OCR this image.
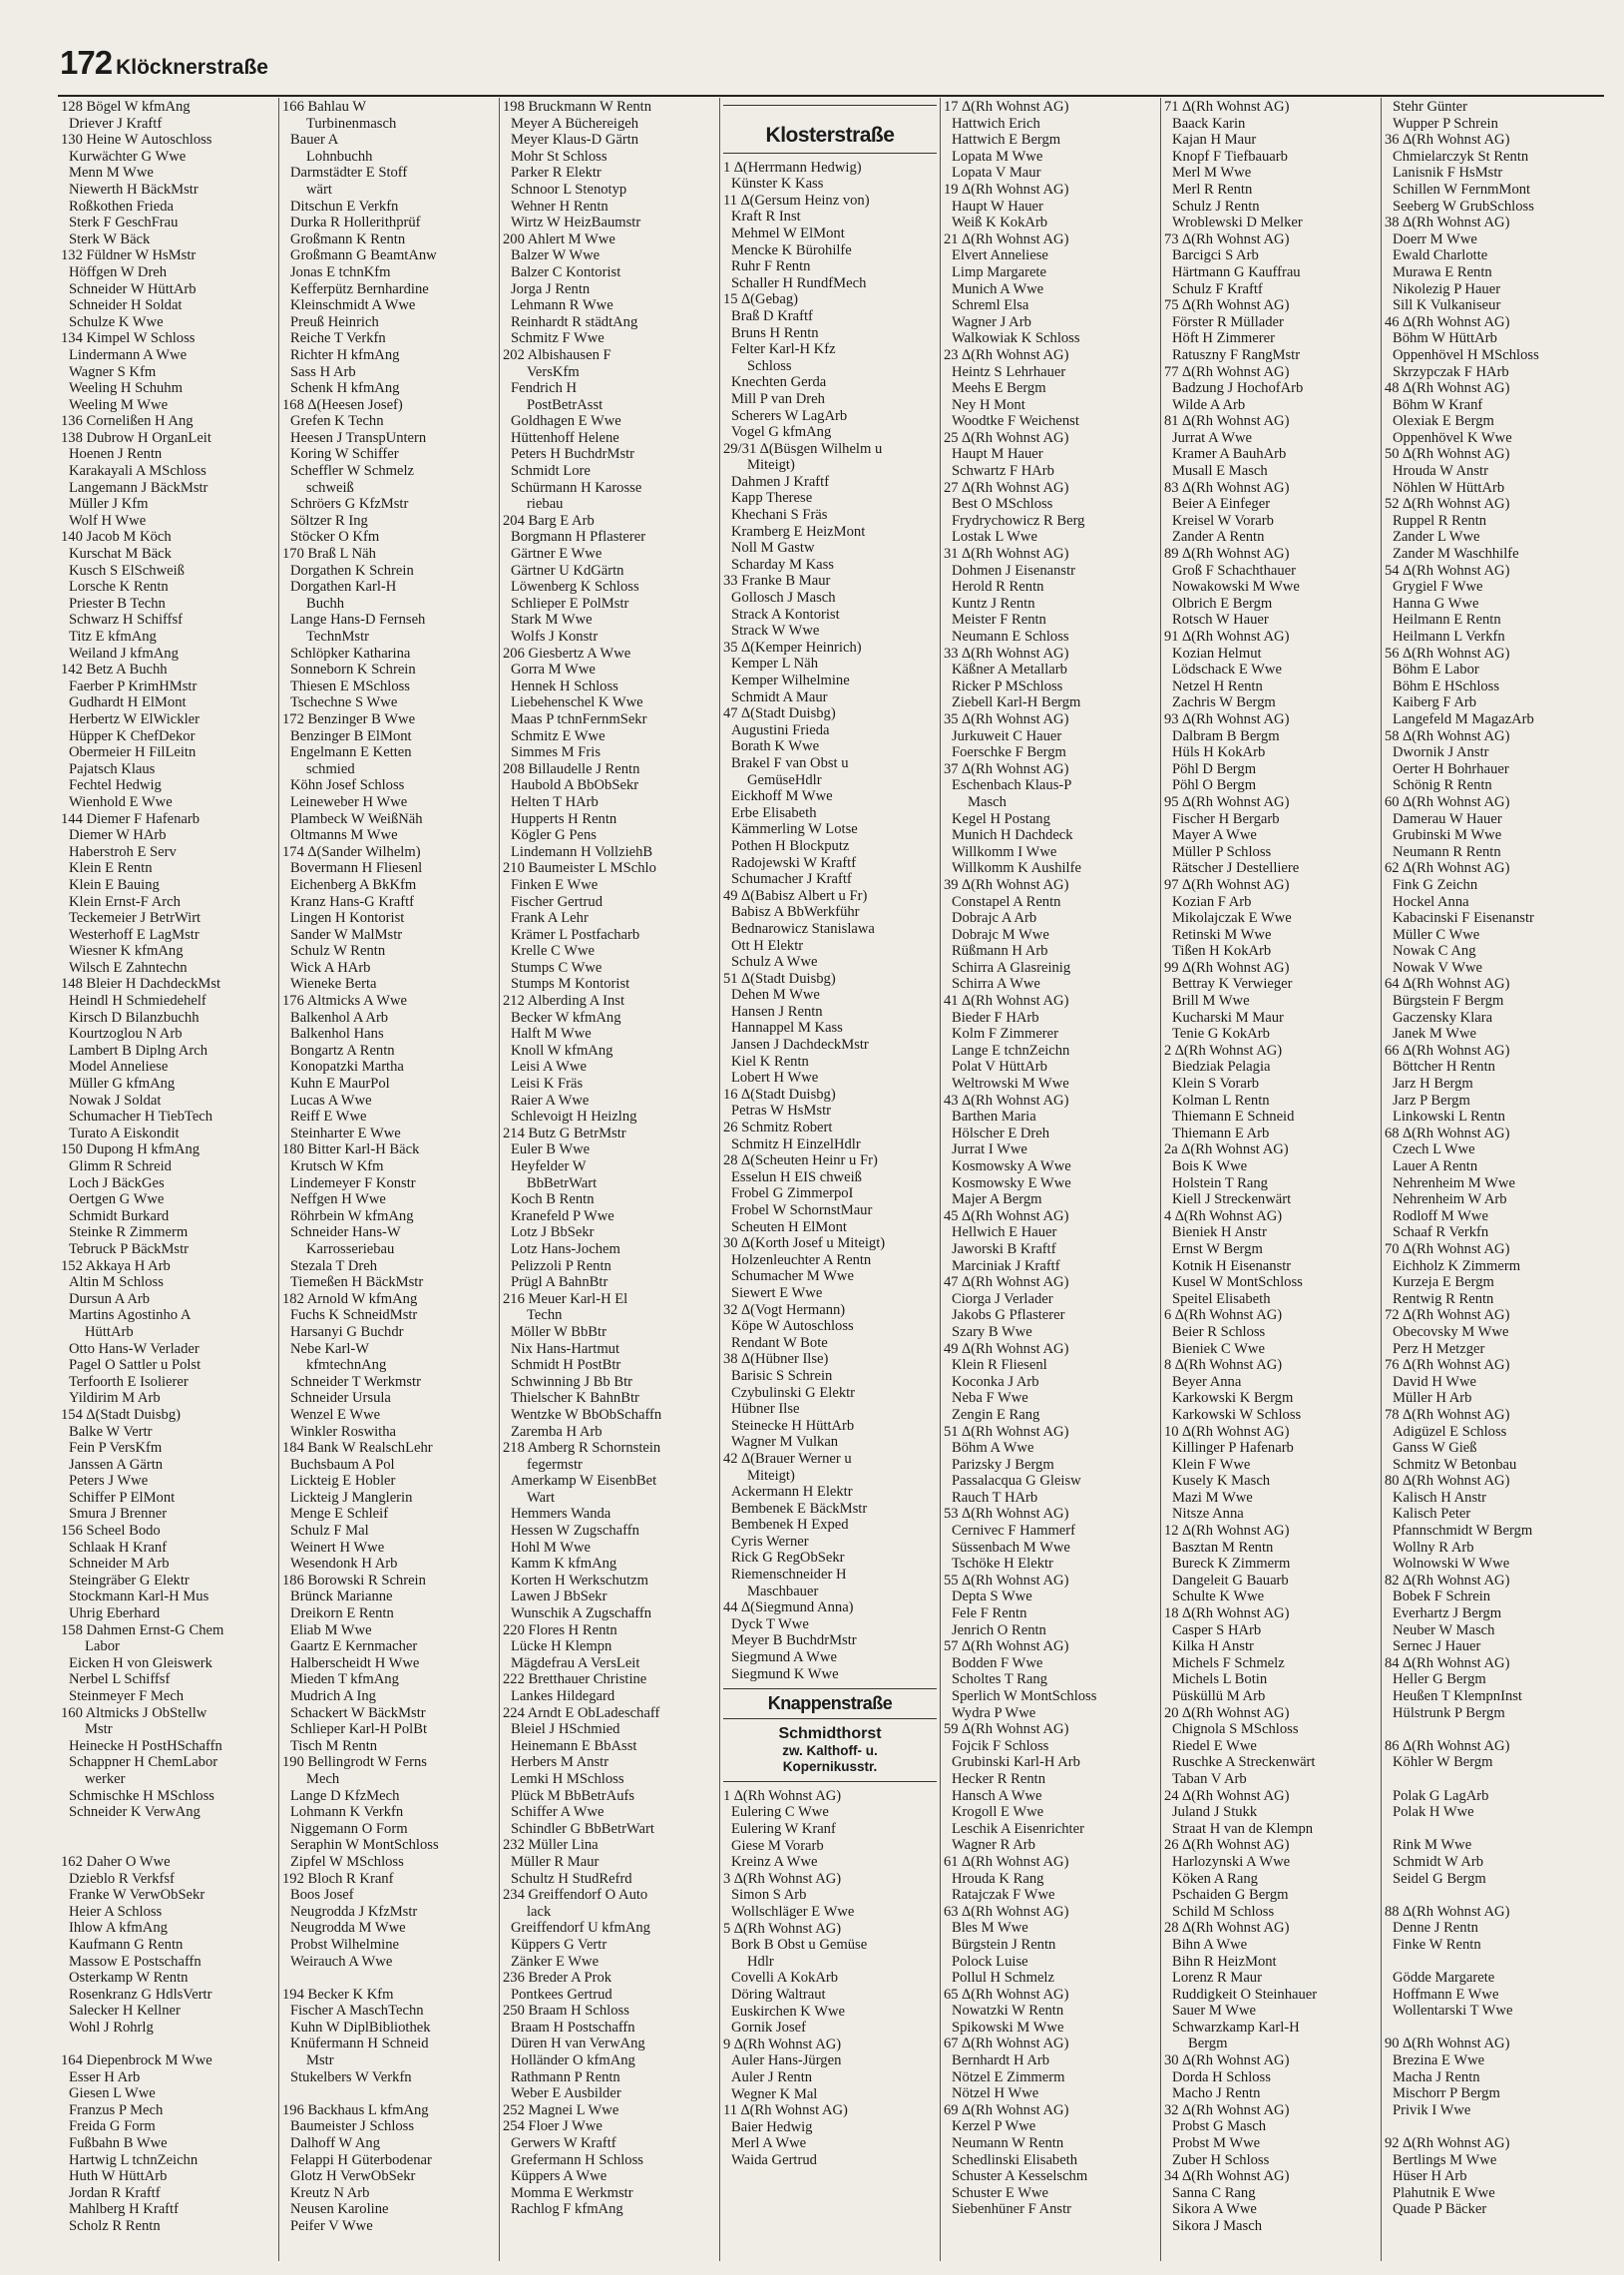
172 Klöcknerstraße
128 Bögel W kfmAng
Driever J Kraftf
130 Heine W Autoschloss
Kurwächter G Wwe
Menn M Wwe
Niewerth H BäckMstr
Roßkothen Frieda
Sterk F GeschFrau
Sterk W Bäck
132 Füldner W HsMstr
Höffgen W Dreh
Schneider W HüttArb
Schneider H Soldat
Schulze K Wwe
134 Kimpel W Schloss
Lindermann A Wwe
Wagner S Kfm
Weeling H Schuhm
Weeling M Wwe
136 Cornelißen H Ang
138 Dubrow H OrganLeit
Hoenen J Rentn
Karakayali A MSchloss
Langemann J BäckMstr
Müller J Kfm
Wolf H Wwe
140 Jacob M Köch
Kurschat M Bäck
Kusch S ElSchweiß
Lorsche K Rentn
Priester B Techn
Schwarz H Schiffsf
Titz E kfmAng
Weiland J kfmAng
142 Betz A Buchh
Faerber P KrimHMstr
Gudhardt H ElMont
Herbertz W ElWickler
Hüpper K ChefDekor
Obermeier H FilLeitn
Pajatsch Klaus
Fechtel Hedwig
Wienhold E Wwe
144 Diemer F Hafenarb
Diemer W HArb
Haberstroh E Serv
Klein E Rentn
Klein E Bauing
Klein Ernst-F Arch
Teckemeier J BetrWirt
Westerhoff E LagMstr
Wiesner K kfmAng
Wilsch E Zahntechn
148 Bleier H DachdeckMst
Heindl H Schmiedehelf
Kirsch D Bilanzbuchh
Kourtzoglou N Arb
Lambert B Diplng Arch
Model Anneliese
Müller G kfmAng
Nowak J Soldat
Schumacher H TiebTech
Turato A Eiskondit
150 Dupong H kfmAng
Glimm R Schreid
Loch J BäckGes
Oertgen G Wwe
Schmidt Burkard
Steinke R Zimmerm
Tebruck P BäckMstr
152 Akkaya H Arb
Altin M Schloss
Dursun A Arb
Martins Agostinho A
HüttArb
Otto Hans-W Verlader
Pagel O Sattler u Polst
Terfoorth E Isolierer
Yildirim M Arb
154 ∆(Stadt Duisbg)
Balke W Vertr
Fein P VersKfm
Janssen A Gärtn
Peters J Wwe
Schiffer P ElMont
Smura J Brenner
156 Scheel Bodo
Schlaak H Kranf
Schneider M Arb
Steingräber G Elektr
Stockmann Karl-H Mus
Uhrig Eberhard
158 Dahmen Ernst-G Chem
Labor
Eicken H von Gleiswerk
Nerbel L Schiffsf
Steinmeyer F Mech
160 Altmicks J ObStellw
Mstr
Heinecke H PostHSchaffn
Schappner H ChemLabor
werker
Schmischke H MSchloss
Schneider K VerwAng
162 Daher O Wwe
Dzieblo R Verkfsf
Franke W VerwObSekr
Heier A Schloss
Ihlow A kfmAng
Kaufmann G Rentn
Massow E Postschaffn
Osterkamp W Rentn
Rosenkranz G HdlsVertr
Salecker H Kellner
Wohl J Rohrlg
164 Diepenbrock M Wwe
Esser H Arb
Giesen L Wwe
Franzus P Mech
Freida G Form
Fußbahn B Wwe
Hartwig L tchnZeichn
Huth W HüttArb
Jordan R Kraftf
Mahlberg H Kraftf
Scholz R Rentn
166 Bahlau W
Turbinenmasch
Bauer A
Lohnbuchh
Darmstädter E Stoff
wärt
Ditschun E Verkfn
Durka R Hollerithprüf
Großmann K Rentn
Großmann G BeamtAnw
Jonas E tchnKfm
Kefferpütz Bernhardine
Kleinschmidt A Wwe
Preuß Heinrich
Reiche T Verkfn
Richter H kfmAng
Sass H Arb
Schenk H kfmAng
168 ∆(Heesen Josef)
Grefen K Techn
Heesen J TranspUntern
Koring W Schiffer
Scheffler W Schmelz
schweiß
Schröers G KfzMstr
Söltzer R Ing
Stöcker O Kfm
170 Braß L Näh
Dorgathen K Schrein
Dorgathen Karl-H
Buchh
Lange Hans-D Fernseh
TechnMstr
Schlöpker Katharina
Sonneborn K Schrein
Thiesen E MSchloss
Tschechne S Wwe
172 Benzinger B Wwe
Benzinger B ElMont
Engelmann E Ketten
schmied
Köhn Josef Schloss
Leineweber H Wwe
Plambeck W WeißNäh
Oltmanns M Wwe
174 ∆(Sander Wilhelm)
Bovermann H Fliesenl
Eichenberg A BkKfm
Kranz Hans-G Kraftf
Lingen H Kontorist
Sander W MalMstr
Schulz W Rentn
Wick A HArb
Wieneke Berta
176 Altmicks A Wwe
Balkenhol A Arb
Balkenhol Hans
Bongartz A Rentn
Konopatzki Martha
Kuhn E MaurPol
Lucas A Wwe
Reiff E Wwe
Steinharter E Wwe
180 Bitter Karl-H Bäck
Krutsch W Kfm
Lindemeyer F Konstr
Neffgen H Wwe
Röhrbein W kfmAng
Schneider Hans-W
Karrosseriebau
Stezala T Dreh
Tiemeßen H BäckMstr
182 Arnold W kfmAng
Fuchs K SchneidMstr
Harsanyi G Buchdr
Nebe Karl-W
kfmtechnAng
Schneider T Werkmstr
Schneider Ursula
Wenzel E Wwe
Winkler Roswitha
184 Bank W RealschLehr
Buchsbaum A Pol
Lickteig E Hobler
Lickteig J Manglerin
Menge E Schleif
Schulz F Mal
Weinert H Wwe
Wesendonk H Arb
186 Borowski R Schrein
Brünck Marianne
Dreikorn E Rentn
Eliab M Wwe
Gaartz E Kernmacher
Halberscheidt H Wwe
Mieden T kfmAng
Mudrich A Ing
Schackert W BäckMstr
Schlieper Karl-H PolBt
Tisch M Rentn
190 Bellingrodt W Ferns
Mech
Lange D KfzMech
Lohmann K Verkfn
Niggemann O Form
Seraphin W MontSchloss
Zipfel W MSchloss
192 Bloch R Kranf
Boos Josef
Neugrodda J KfzMstr
Neugrodda M Wwe
Probst Wilhelmine
Weirauch A Wwe
194 Becker K Kfm
Fischer A MaschTechn
Kuhn W DiplBibliothek
Knüfermann H Schneid
Mstr
Stukelbers W Verkfn
196 Backhaus L kfmAng
Baumeister J Schloss
Dalhoff W Ang
Felappi H Güterbodenar
Glotz H VerwObSekr
Kreutz N Arb
Neusen Karoline
Peifer V Wwe
198 Bruckmann W Rentn
Meyer A Büchereigeh
Meyer Klaus-D Gärtn
Mohr St Schloss
Parker R Elektr
Schnoor L Stenotyp
Wehner H Rentn
Wirtz W HeizBaumstr
200 Ahlert M Wwe
Balzer W Wwe
Balzer C Kontorist
Jorga J Rentn
Lehmann R Wwe
Reinhardt R städtAng
Schmitz F Wwe
202 Albishausen F
VersKfm
Fendrich H
PostBetrAsst
Goldhagen E Wwe
Hüttenhoff Helene
Peters H BuchdrMstr
Schmidt Lore
Schürmann H Karosse
riebau
204 Barg E Arb
Borgmann H Pflasterer
Gärtner E Wwe
Gärtner U KdGärtn
Löwenberg K Schloss
Schlieper E PolMstr
Stark M Wwe
Wolfs J Konstr
206 Giesbertz A Wwe
Gorra M Wwe
Hennek H Schloss
Liebehenschel K Wwe
Maas P tchnFernmSekr
Schmitz E Wwe
Simmes M Fris
208 Billaudelle J Rentn
Haubold A BbObSekr
Helten T HArb
Hupperts H Rentn
Kögler G Pens
Lindemann H VollziehB
210 Baumeister L MSchlo
Finken E Wwe
Fischer Gertrud
Frank A Lehr
Krämer L Postfacharb
Krelle C Wwe
Stumps C Wwe
Stumps M Kontorist
212 Alberding A Inst
Becker W kfmAng
Halft M Wwe
Knoll W kfmAng
Leisi A Wwe
Leisi K Fräs
Raier A Wwe
Schlevoigt H Heizlng
214 Butz G BetrMstr
Euler B Wwe
Heyfelder W
BbBetrWart
Koch B Rentn
Kranefeld P Wwe
Lotz J BbSekr
Lotz Hans-Jochem
Pelizzoli P Rentn
Prügl A BahnBtr
216 Meuer Karl-H El
Techn
Möller W BbBtr
Nix Hans-Hartmut
Schmidt H PostBtr
Schwinning J Bb Btr
Thielscher K BahnBtr
Wentzke W BbObSchaffn
Zaremba H Arb
218 Amberg R Schornstein
fegermstr
Amerkamp W EisenbBet
Wart
Hemmers Wanda
Hessen W Zugschaffn
Hohl M Wwe
Kamm K kfmAng
Korten H Werkschutzm
Lawen J BbSekr
Wunschik A Zugschaffn
220 Flores H Rentn
Lücke H Klempn
Mägdefrau A VersLeit
222 Bretthauer Christine
Lankes Hildegard
224 Arndt E ObLadeschaff
Bleiel J HSchmied
Heinemann E BbAsst
Herbers M Anstr
Lemki H MSchloss
Plück M BbBetrAufs
Schiffer A Wwe
Schindler G BbBetrWart
232 Müller Lina
Müller R Maur
Schultz H StudRefrd
234 Greiffendorf O Auto
lack
Greiffendorf U kfmAng
Küppers G Vertr
Zänker E Wwe
236 Breder A Prok
Pontkees Gertrud
250 Braam H Schloss
Braam H Postschaffn
Düren H van VerwAng
Holländer O kfmAng
Rathmann P Rentn
Weber E Ausbilder
252 Magnei L Wwe
254 Floer J Wwe
Gerwers W Kraftf
Grefermann H Schloss
Küppers A Wwe
Momma E Werkmstr
Rachlog F kfmAng
Klosterstraße
1 ∆(Herrmann Hedwig)
Künster K Kass
11 ∆(Gersum Heinz von)
Kraft R Inst
Mehmel W ElMont
Mencke K Bürohilfe
Ruhr F Rentn
Schaller H RundfMech
15 ∆(Gebag)
Braß D Kraftf
Bruns H Rentn
Felter Karl-H Kfz
Schloss
Knechten Gerda
Mill P van Dreh
Scherers W LagArb
Vogel G kfmAng
29/31 ∆(Büsgen Wilhelm u
Miteigt)
Dahmen J Kraftf
Kapp Therese
Khechani S Fräs
Kramberg E HeizMont
Noll M Gastw
Scharday M Kass
33 Franke B Maur
Gollosch J Masch
Strack A Kontorist
Strack W Wwe
35 ∆(Kemper Heinrich)
Kemper L Näh
Kemper Wilhelmine
Schmidt A Maur
47 ∆(Stadt Duisbg)
Augustini Frieda
Borath K Wwe
Brakel F van Obst u
GemüseHdlr
Eickhoff M Wwe
Erbe Elisabeth
Kämmerling W Lotse
Pothen H Blockputz
Radojewski W Kraftf
Schumacher J Kraftf
49 ∆(Babisz Albert u Fr)
Babisz A BbWerkführ
Bednarowicz Stanislawa
Ott H Elektr
Schulz A Wwe
51 ∆(Stadt Duisbg)
Dehen M Wwe
Hansen J Rentn
Hannappel M Kass
Jansen J DachdeckMstr
Kiel K Rentn
Lobert H Wwe
16 ∆(Stadt Duisbg)
Petras W HsMstr
26 Schmitz Robert
Schmitz H EinzelHdlr
28 ∆(Scheuten Heinr u Fr)
Esselun H EIS chweiß
Frobel G ZimmerpoI
Frobel W SchornstMaur
Scheuten H ElMont
30 ∆(Korth Josef u Miteigt)
Holzenleuchter A Rentn
Schumacher M Wwe
Siewert E Wwe
32 ∆(Vogt Hermann)
Köpe W Autoschloss
Rendant W Bote
38 ∆(Hübner Ilse)
Barisic S Schrein
Czybulinski G Elektr
Hübner Ilse
Steinecke H HüttArb
Wagner M Vulkan
42 ∆(Brauer Werner u
Miteigt)
Ackermann H Elektr
Bembenek E BäckMstr
Bembenek H Exped
Cyris Werner
Rick G RegObSekr
Riemenschneider H
Maschbauer
44 ∆(Siegmund Anna)
Dyck T Wwe
Meyer B BuchdrMstr
Siegmund A Wwe
Siegmund K Wwe
Knappenstraße
Schmidthorst
zw. Kalthoff- u.
Kopernikusstr.
1 ∆(Rh Wohnst AG)
Eulering C Wwe
Eulering W Kranf
Giese M Vorarb
Kreinz A Wwe
3 ∆(Rh Wohnst AG)
Simon S Arb
Wollschläger E Wwe
5 ∆(Rh Wohnst AG)
Bork B Obst u Gemüse
Hdlr
Covelli A KokArb
Döring Waltraut
Euskirchen K Wwe
Gornik Josef
9 ∆(Rh Wohnst AG)
Auler Hans-Jürgen
Auler J Rentn
Wegner K Mal
11 ∆(Rh Wohnst AG)
Baier Hedwig
Merl A Wwe
Waida Gertrud
17 ∆(Rh Wohnst AG)
Hattwich Erich
Hattwich E Bergm
Lopata M Wwe
Lopata V Maur
19 ∆(Rh Wohnst AG)
Haupt W Hauer
Weiß K KokArb
21 ∆(Rh Wohnst AG)
Elvert Anneliese
Limp Margarete
Munich A Wwe
Schreml Elsa
Wagner J Arb
Walkowiak K Schloss
23 ∆(Rh Wohnst AG)
Heintz S Lehrhauer
Meehs E Bergm
Ney H Mont
Woodtke F Weichenst
25 ∆(Rh Wohnst AG)
Haupt M Hauer
Schwartz F HArb
27 ∆(Rh Wohnst AG)
Best O MSchloss
Frydrychowicz R Berg
Lostak L Wwe
31 ∆(Rh Wohnst AG)
Dohmen J Eisenanstr
Herold R Rentn
Kuntz J Rentn
Meister F Rentn
Neumann E Schloss
33 ∆(Rh Wohnst AG)
Käßner A Metallarb
Ricker P MSchloss
Ziebell Karl-H Bergm
35 ∆(Rh Wohnst AG)
Jurkuweit C Hauer
Foerschke F Bergm
37 ∆(Rh Wohnst AG)
Eschenbach Klaus-P
Masch
Kegel H Postang
Munich H Dachdeck
Willkomm I Wwe
Willkomm K Aushilfe
39 ∆(Rh Wohnst AG)
Constapel A Rentn
Dobrajc A Arb
Dobrajc M Wwe
Rüßmann H Arb
Schirra A Glasreinig
Schirra A Wwe
41 ∆(Rh Wohnst AG)
Bieder F HArb
Kolm F Zimmerer
Lange E tchnZeichn
Polat V HüttArb
Weltrowski M Wwe
43 ∆(Rh Wohnst AG)
Barthen Maria
Hölscher E Dreh
Jurrat I Wwe
Kosmowsky A Wwe
Kosmowsky E Wwe
Majer A Bergm
45 ∆(Rh Wohnst AG)
Hellwich E Hauer
Jaworski B Kraftf
Marciniak J Kraftf
47 ∆(Rh Wohnst AG)
Ciorga J Verlader
Jakobs G Pflasterer
Szary B Wwe
49 ∆(Rh Wohnst AG)
Klein R Fliesenl
Koconka J Arb
Neba F Wwe
Zengin E Rang
51 ∆(Rh Wohnst AG)
Böhm A Wwe
Parizsky J Bergm
Passalacqua G Gleisw
Rauch T HArb
53 ∆(Rh Wohnst AG)
Cernivec F Hammerf
Süssenbach M Wwe
Tschöke H Elektr
55 ∆(Rh Wohnst AG)
Depta S Wwe
Fele F Rentn
Jenrich O Rentn
57 ∆(Rh Wohnst AG)
Bodden F Wwe
Scholtes T Rang
Sperlich W MontSchloss
Wydra P Wwe
59 ∆(Rh Wohnst AG)
Fojcik F Schloss
Grubinski Karl-H Arb
Hecker R Rentn
Hansch A Wwe
Krogoll E Wwe
Leschik A Eisenrichter
Wagner R Arb
61 ∆(Rh Wohnst AG)
Hrouda K Rang
Ratajczak F Wwe
63 ∆(Rh Wohnst AG)
Bles M Wwe
Bürgstein J Rentn
Polock Luise
Pollul H Schmelz
65 ∆(Rh Wohnst AG)
Nowatzki W Rentn
Spikowski M Wwe
67 ∆(Rh Wohnst AG)
Bernhardt H Arb
Nötzel E Zimmerm
Nötzel H Wwe
69 ∆(Rh Wohnst AG)
Kerzel P Wwe
Neumann W Rentn
Schedlinski Elisabeth
Schuster A Kesselschm
Schuster E Wwe
Siebenhüner F Anstr
71 ∆(Rh Wohnst AG)
Baack Karin
Kajan H Maur
Knopf F Tiefbauarb
Merl M Wwe
Merl R Rentn
Schulz J Rentn
Wroblewski D Melker
73 ∆(Rh Wohnst AG)
Barcigci S Arb
Härtmann G Kauffrau
Schulz F Kraftf
75 ∆(Rh Wohnst AG)
Förster R Müllader
Höft H Zimmerer
Ratuszny F RangMstr
77 ∆(Rh Wohnst AG)
Badzung J HochofArb
Wilde A Arb
81 ∆(Rh Wohnst AG)
Jurrat A Wwe
Kramer A BauhArb
Musall E Masch
83 ∆(Rh Wohnst AG)
Beier A Einfeger
Kreisel W Vorarb
Zander A Rentn
89 ∆(Rh Wohnst AG)
Groß F Schachthauer
Nowakowski M Wwe
Olbrich E Bergm
Rotsch W Hauer
91 ∆(Rh Wohnst AG)
Kozian Helmut
Lödschack E Wwe
Netzel H Rentn
Zachris W Bergm
93 ∆(Rh Wohnst AG)
Dalbram B Bergm
Hüls H KokArb
Pöhl D Bergm
Pöhl O Bergm
95 ∆(Rh Wohnst AG)
Fischer H Bergarb
Mayer A Wwe
Müller P Schloss
Rätscher J Destelliere
97 ∆(Rh Wohnst AG)
Kozian F Arb
Mikolajczak E Wwe
Retinski M Wwe
Tißen H KokArb
99 ∆(Rh Wohnst AG)
Bettray K Verwieger
Brill M Wwe
Kucharski M Maur
Tenie G KokArb
2 ∆(Rh Wohnst AG)
Biedziak Pelagia
Klein S Vorarb
Kolman L Rentn
Thiemann E Schneid
Thiemann E Arb
2a ∆(Rh Wohnst AG)
Bois K Wwe
Holstein T Rang
Kiell J Streckenwärt
4 ∆(Rh Wohnst AG)
Bieniek H Anstr
Ernst W Bergm
Kotnik H Eisenanstr
Kusel W MontSchloss
Speitel Elisabeth
6 ∆(Rh Wohnst AG)
Beier R Schloss
Bieniek C Wwe
8 ∆(Rh Wohnst AG)
Beyer Anna
Karkowski K Bergm
Karkowski W Schloss
10 ∆(Rh Wohnst AG)
Killinger P Hafenarb
Klein F Wwe
Kusely K Masch
Mazi M Wwe
Nitsze Anna
12 ∆(Rh Wohnst AG)
Basztan M Rentn
Bureck K Zimmerm
Dangeleit G Bauarb
Schulte K Wwe
18 ∆(Rh Wohnst AG)
Casper S HArb
Kilka H Anstr
Michels F Schmelz
Michels L Botin
Püsküllü M Arb
20 ∆(Rh Wohnst AG)
Chignola S MSchloss
Riedel E Wwe
Ruschke A Streckenwärt
Taban V Arb
24 ∆(Rh Wohnst AG)
Juland J Stukk
Straat H van de Klempn
26 ∆(Rh Wohnst AG)
Harlozynski A Wwe
Köken A Rang
Pschaiden G Bergm
Schild M Schloss
28 ∆(Rh Wohnst AG)
Bihn A Wwe
Bihn R HeizMont
Lorenz R Maur
Ruddigkeit O Steinhauer
Sauer M Wwe
Schwarzkamp Karl-H
Bergm
30 ∆(Rh Wohnst AG)
Dorda H Schloss
Macho J Rentn
32 ∆(Rh Wohnst AG)
Probst G Masch
Probst M Wwe
Zuber H Schloss
34 ∆(Rh Wohnst AG)
Sanna C Rang
Sikora A Wwe
Sikora J Masch
Stehr Günter
Wupper P Schrein
36 ∆(Rh Wohnst AG)
Chmielarczyk St Rentn
Lanisnik F HsMstr
Schillen W FernmMont
Seeberg W GrubSchloss
38 ∆(Rh Wohnst AG)
Doerr M Wwe
Ewald Charlotte
Murawa E Rentn
Nikolezig P Hauer
Sill K Vulkaniseur
46 ∆(Rh Wohnst AG)
Böhm W HüttArb
Oppenhövel H MSchloss
Skrzypczak F HArb
48 ∆(Rh Wohnst AG)
Böhm W Kranf
Olexiak E Bergm
Oppenhövel K Wwe
50 ∆(Rh Wohnst AG)
Hrouda W Anstr
Nöhlen W HüttArb
52 ∆(Rh Wohnst AG)
Ruppel R Rentn
Zander L Wwe
Zander M Waschhilfe
54 ∆(Rh Wohnst AG)
Grygiel F Wwe
Hanna G Wwe
Heilmann E Rentn
Heilmann L Verkfn
56 ∆(Rh Wohnst AG)
Böhm E Labor
Böhm E HSchloss
Kaiberg F Arb
Langefeld M MagazArb
58 ∆(Rh Wohnst AG)
Dwornik J Anstr
Oerter H Bohrhauer
Schönig R Rentn
60 ∆(Rh Wohnst AG)
Damerau W Hauer
Grubinski M Wwe
Neumann R Rentn
62 ∆(Rh Wohnst AG)
Fink G Zeichn
Hockel Anna
Kabacinski F Eisenanstr
Müller C Wwe
Nowak C Ang
Nowak V Wwe
64 ∆(Rh Wohnst AG)
Bürgstein F Bergm
Gaczensky Klara
Janek M Wwe
66 ∆(Rh Wohnst AG)
Böttcher H Rentn
Jarz H Bergm
Jarz P Bergm
Linkowski L Rentn
68 ∆(Rh Wohnst AG)
Czech L Wwe
Lauer A Rentn
Nehrenheim M Wwe
Nehrenheim W Arb
Rodloff M Wwe
Schaaf R Verkfn
70 ∆(Rh Wohnst AG)
Eichholz K Zimmerm
Kurzeja E Bergm
Rentwig R Rentn
72 ∆(Rh Wohnst AG)
Obecovsky M Wwe
Perz H Metzger
76 ∆(Rh Wohnst AG)
David H Wwe
Müller H Arb
78 ∆(Rh Wohnst AG)
Adigüzel E Schloss
Ganss W Gieß
Schmitz W Betonbau
80 ∆(Rh Wohnst AG)
Kalisch H Anstr
Kalisch Peter
Pfannschmidt W Bergm
Wollny R Arb
Wolnowski W Wwe
82 ∆(Rh Wohnst AG)
Bobek F Schrein
Everhartz J Bergm
Neuber W Masch
Sernec J Hauer
84 ∆(Rh Wohnst AG)
Heller G Bergm
Heußen T KlempnInst
Hülstrunk P Bergm
86 ∆(Rh Wohnst AG)
Köhler W Bergm
Polak G LagArb
Polak H Wwe
Rink M Wwe
Schmidt W Arb
Seidel G Bergm
88 ∆(Rh Wohnst AG)
Denne J Rentn
Finke W Rentn
Gödde Margarete
Hoffmann E Wwe
Wollentarski T Wwe
90 ∆(Rh Wohnst AG)
Brezina E Wwe
Macha J Rentn
Mischorr P Bergm
Privik I Wwe
92 ∆(Rh Wohnst AG)
Bertlings M Wwe
Hüser H Arb
Plahutnik E Wwe
Quade P Bäcker
